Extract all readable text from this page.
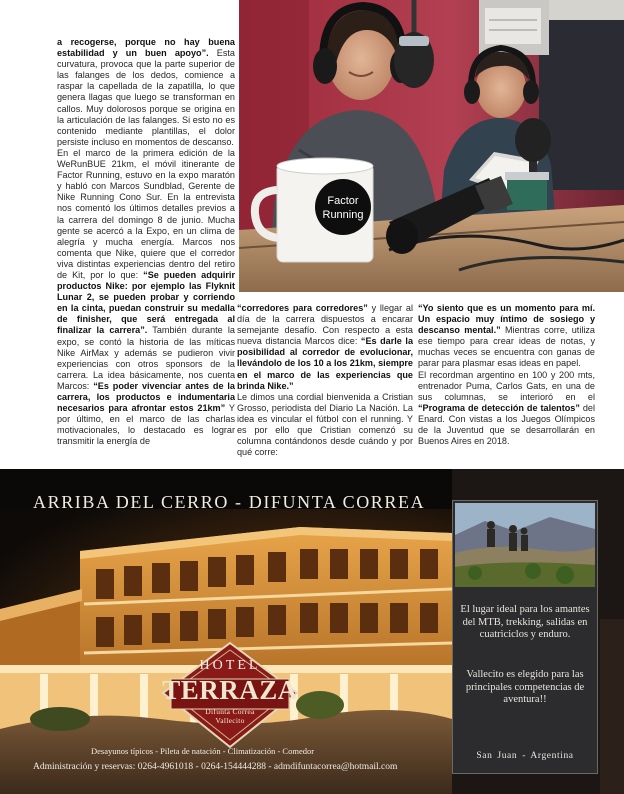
a recogerse, porque no hay buena estabilidad y un buen apoyo”. Esta curvatura, provoca que la parte superior de las falanges de los dedos, comience a raspar la capellada de la zapatilla, lo que genera llagas que luego se transforman en callos. Muy dolorosos porque se origina en la articulación de las falanges. Si esto no es contenido mediante plantillas, el dolor persiste incluso en momentos de descanso.

En el marco de la primera edición de la WeRunBUE 21km, el móvil itinerante de Factor Running, estuvo en la expo maratón y habló con Marcos Sundblad, Gerente de Nike Running Cono Sur. En la entrevista nos comentó los últimos detalles previos a la carrera del domingo 8 de junio. Mucha gente se acercó a la Expo, en un clima de alegría y mucha energía. Marcos nos comenta que Nike, quiere que el corredor viva distintas experiencias dentro del retiro de Kit, por lo que: “Se pueden adquirir productos Nike: por ejemplo las Flyknit Lunar 2, se pueden probar y corriendo en la cinta, puedan construir su medalla de finisher, que será entregada al finalizar la carrera”. También durante la expo, se contó la historia de las míticas Nike AirMax y además se pudieron vivir experiencias con otros sponsors de la carrera. La idea básicamente, nos cuenta Marcos: “Es poder vivenciar antes de la carrera, los productos e indumentaria necesarios para afrontar estos 21km” Y por último, en el marco de las charlas motivacionales, lo destacado es lograr transmitir la energía de

“corredores para corredores” y llegar al día de la carrera dispuestos a encarar semejante desafío. Con respecto a esta nueva distancia Marcos dice: “Es darle la posibilidad al corredor de evolucionar, llevándolo de los 10 a los 21km, siempre en el marco de las experiencias que brinda Nike.”

Le dimos una cordial bienvenida a Cristian Grosso, periodista del Diario La Nación. La idea es vincular el fútbol con el running. Y es por ello que Cristian comenzó su columna contándonos desde cuándo y por qué corre:

“Yo siento que es un momento para mí. Un espacio muy íntimo de sosiego y descanso mental.” Mientras corre, utiliza ese tiempo para crear ideas de notas, y muchas veces se encuentra con ganas de parar para plasmar esas ideas en papel.

El recordman argentino en 100 y 200 mts, entrenador Puma, Carlos Gats, en una de sus columnas, se interioró en el “Programa de detección de talentos” del Enard. Con vistas a los Juegos Olímpicos de la Juventud que se desarrollarán en Buenos Aires en 2018.

Factor
Running
HOTEL
TERRAZA
Difunta Correa
Vallecito
ARRIBA DEL CERRO - DIFUNTA CORREA
El lugar ideal para los amantes del MTB, trekking, salidas en cuatriciclos y enduro.
Vallecito es elegido para las principales competencias de aventura!!
San Juan - Argentina
Desayunos típicos - Pileta de natación - Climatización - Comedor
Administración y reservas: 0264-4961018 - 0264-154444288 - admdifuntacorrea@hotmail.com
